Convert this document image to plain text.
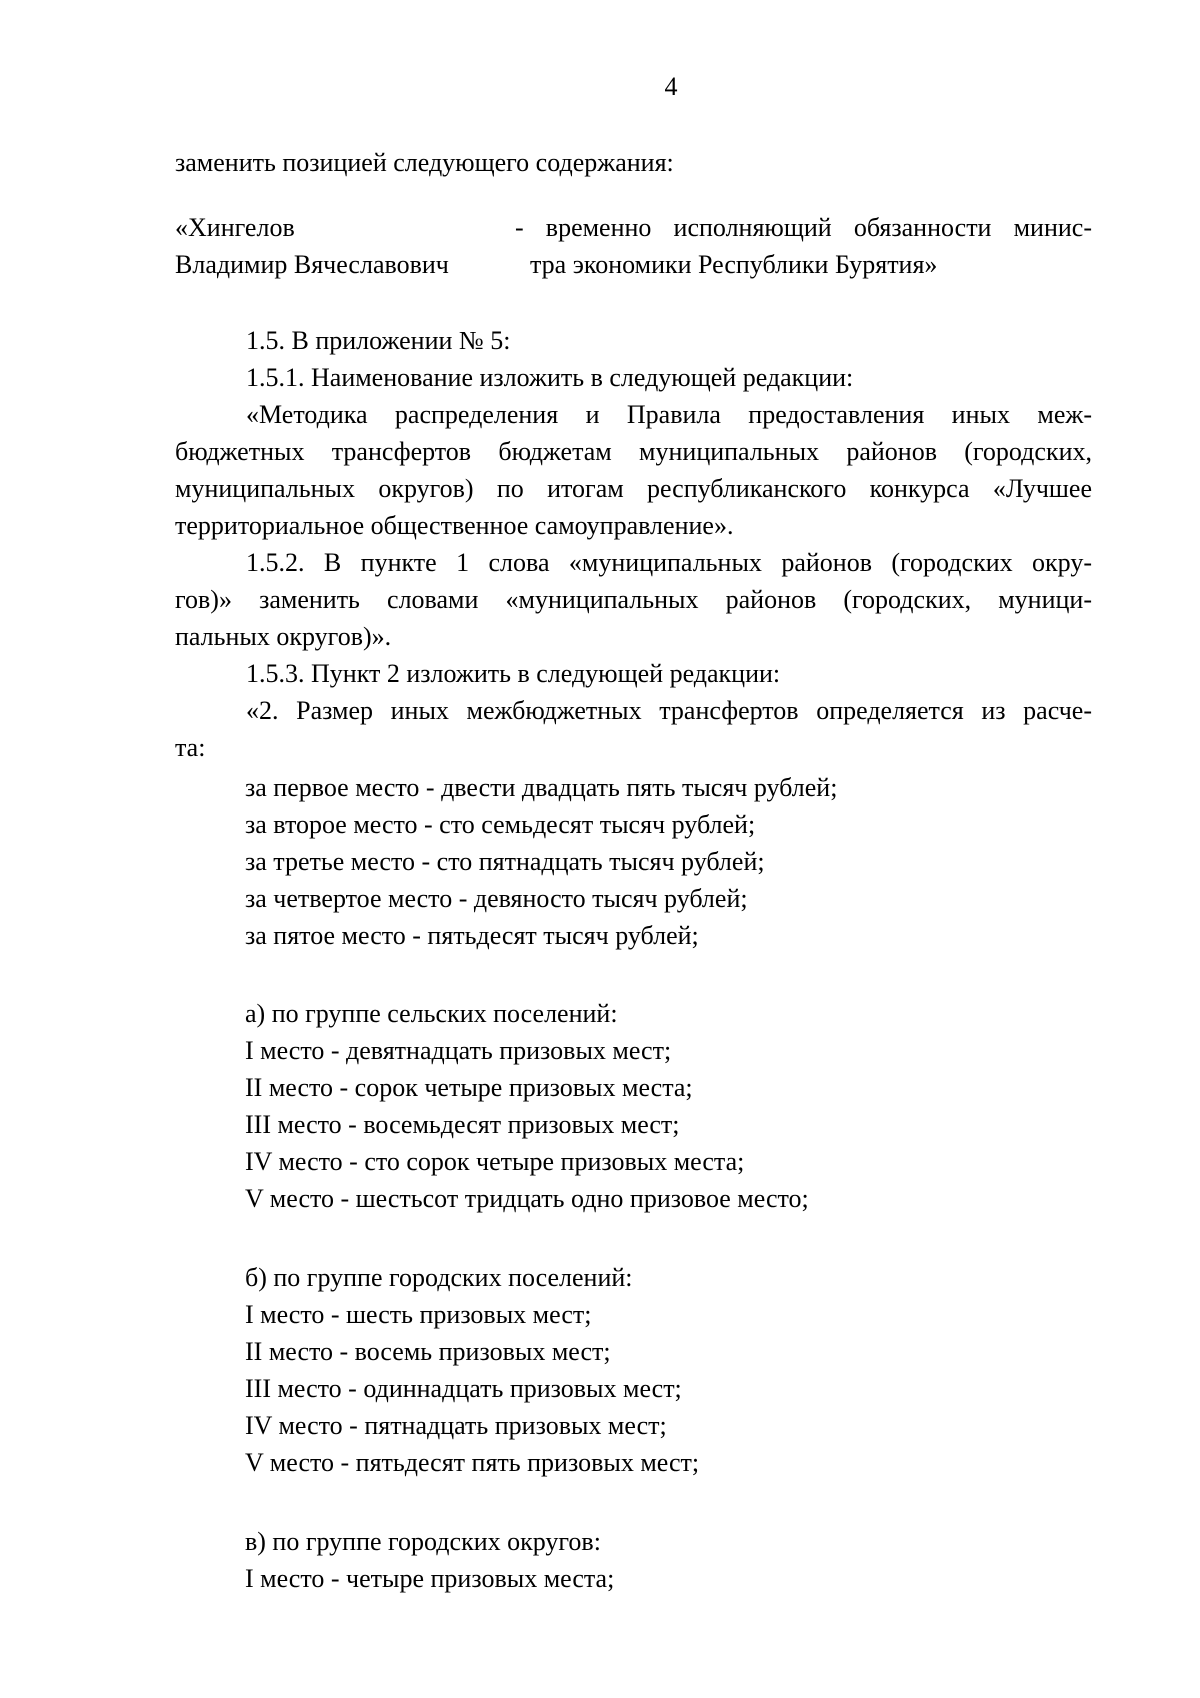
4
заменить позицией следующего содержания:
«Хингелов
Владимир Вячеславович
- временно исполняющий обязанности минис-
тра экономики Республики Бурятия»
1.5. В приложении № 5:
1.5.1. Наименование изложить в следующей редакции:
«Методика распределения и Правила предоставления иных меж-
бюджетных трансфертов бюджетам муниципальных районов (городских,
муниципальных округов) по итогам республиканского конкурса «Лучшее
территориальное общественное самоуправление».
1.5.2. В пункте 1 слова «муниципальных районов (городских окру-
гов)» заменить словами «муниципальных районов (городских, муници-
пальных округов)».
1.5.3. Пункт 2 изложить в следующей редакции:
«2. Размер иных межбюджетных трансфертов определяется из расче-
та:
за первое место - двести двадцать пять тысяч рублей;
за второе место - сто семьдесят тысяч рублей;
за третье место - сто пятнадцать тысяч рублей;
за четвертое место - девяносто тысяч рублей;
за пятое место - пятьдесят тысяч рублей;
а) по группе сельских поселений:
I место - девятнадцать призовых мест;
II место - сорок четыре призовых места;
III место - восемьдесят призовых мест;
IV место - сто сорок четыре призовых места;
V место - шестьсот тридцать одно призовое место;
б) по группе городских поселений:
I место - шесть призовых мест;
II место - восемь призовых мест;
III место - одиннадцать призовых мест;
IV место - пятнадцать призовых мест;
V место - пятьдесят пять призовых мест;
в) по группе городских округов:
I место - четыре призовых места;
